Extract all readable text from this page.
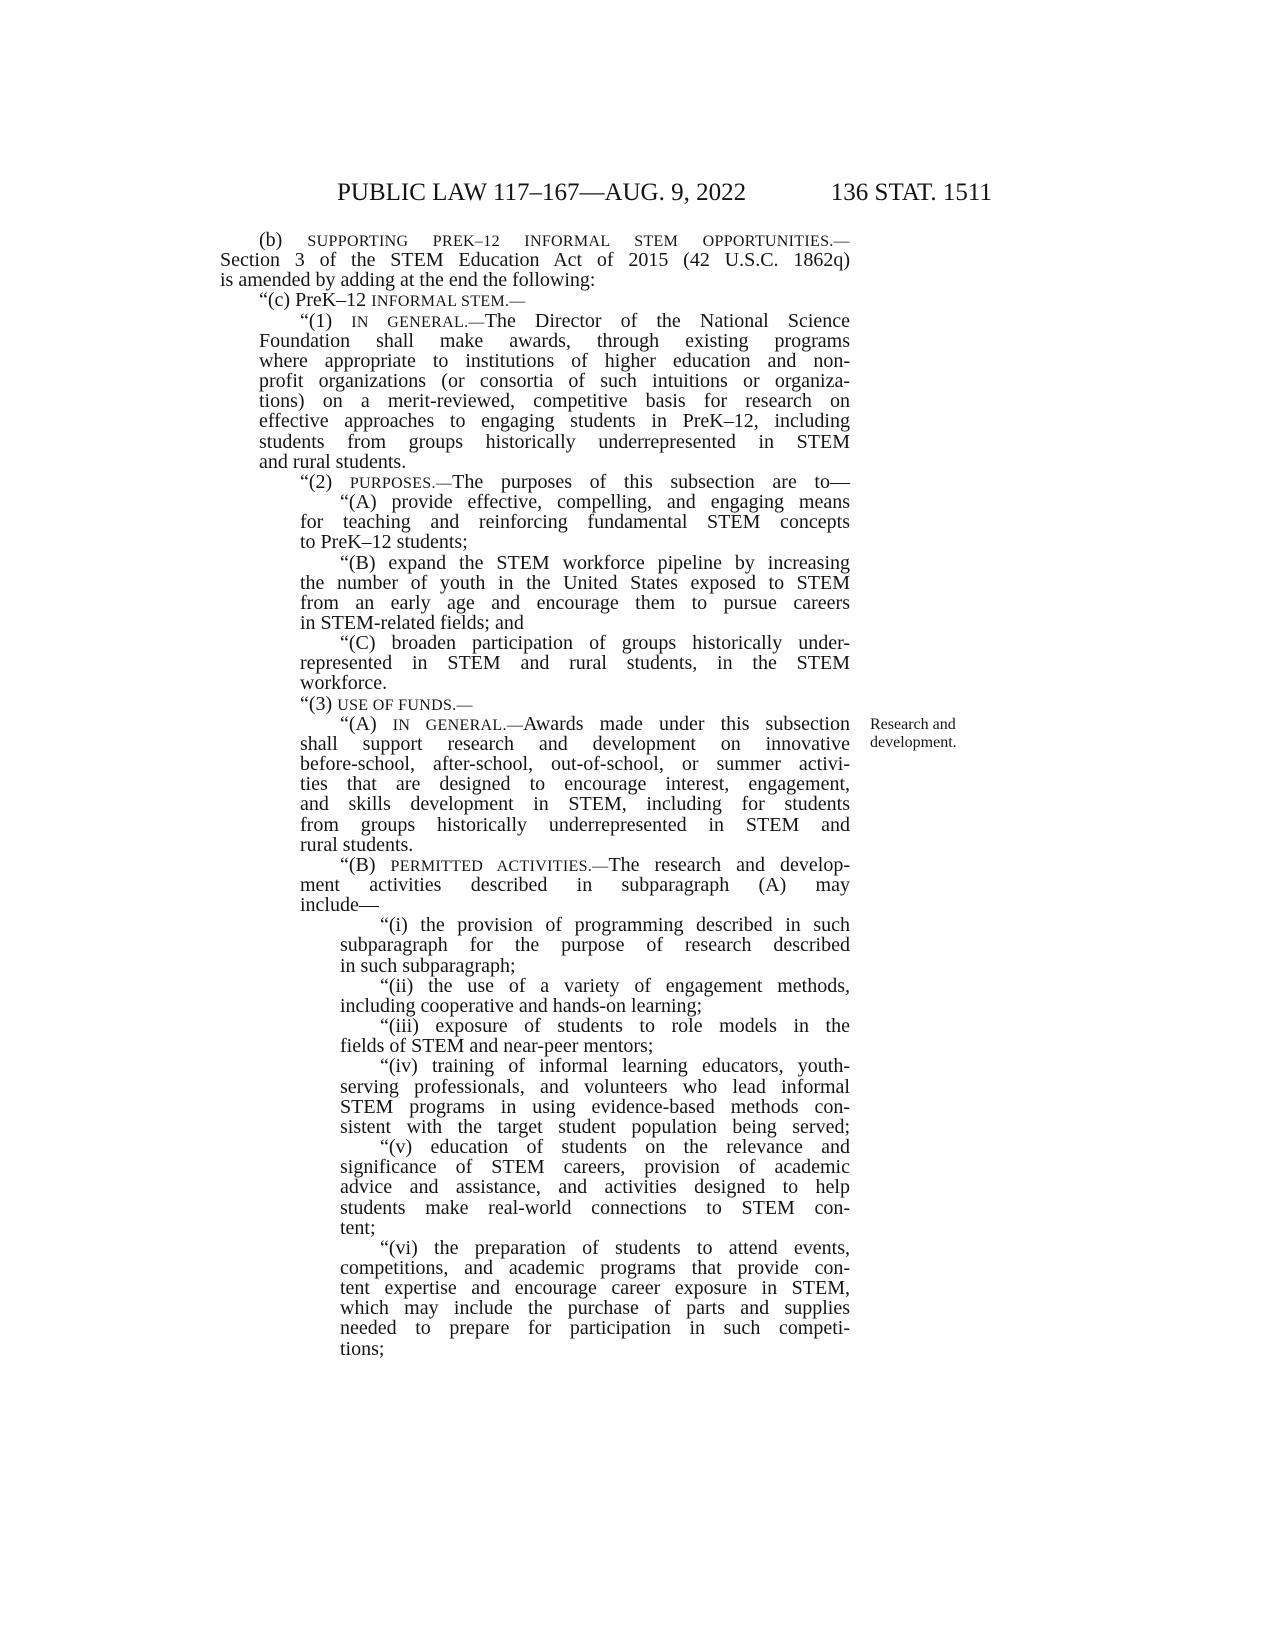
PUBLIC LAW 117–167—AUG. 9, 2022	136 STAT. 1511
Research and
development.
(b) SUPPORTING PREK–12 INFORMAL STEM OPPORTUNITIES.—
Section 3 of the STEM Education Act of 2015 (42 U.S.C. 1862q)
is amended by adding at the end the following:
“(c) PreK–12 INFORMAL STEM.—
“(1) IN GENERAL.—The Director of the National Science
Foundation shall make awards, through existing programs
where appropriate to institutions of higher education and non-
profit organizations (or consortia of such intuitions or organiza-
tions) on a merit-reviewed, competitive basis for research on
effective approaches to engaging students in PreK–12, including
students from groups historically underrepresented in STEM
and rural students.
“(2) PURPOSES.—The purposes of this subsection are to—
“(A) provide effective, compelling, and engaging means
for teaching and reinforcing fundamental STEM concepts
to PreK–12 students;
“(B) expand the STEM workforce pipeline by increasing
the number of youth in the United States exposed to STEM
from an early age and encourage them to pursue careers
in STEM-related fields; and
“(C) broaden participation of groups historically under-
represented in STEM and rural students, in the STEM
workforce.
“(3) USE OF FUNDS.—
“(A) IN GENERAL.—Awards made under this subsection
shall support research and development on innovative
before-school, after-school, out-of-school, or summer activi-
ties that are designed to encourage interest, engagement,
and skills development in STEM, including for students
from groups historically underrepresented in STEM and
rural students.
“(B) PERMITTED ACTIVITIES.—The research and develop-
ment activities described in subparagraph (A) may
include—
“(i) the provision of programming described in such
subparagraph for the purpose of research described
in such subparagraph;
“(ii) the use of a variety of engagement methods,
including cooperative and hands-on learning;
“(iii) exposure of students to role models in the
fields of STEM and near-peer mentors;
“(iv) training of informal learning educators, youth-
serving professionals, and volunteers who lead informal
STEM programs in using evidence-based methods con-
sistent with the target student population being served;
“(v) education of students on the relevance and
significance of STEM careers, provision of academic
advice and assistance, and activities designed to help
students make real-world connections to STEM con-
tent;
“(vi) the preparation of students to attend events,
competitions, and academic programs that provide con-
tent expertise and encourage career exposure in STEM,
which may include the purchase of parts and supplies
needed to prepare for participation in such competi-
tions;
